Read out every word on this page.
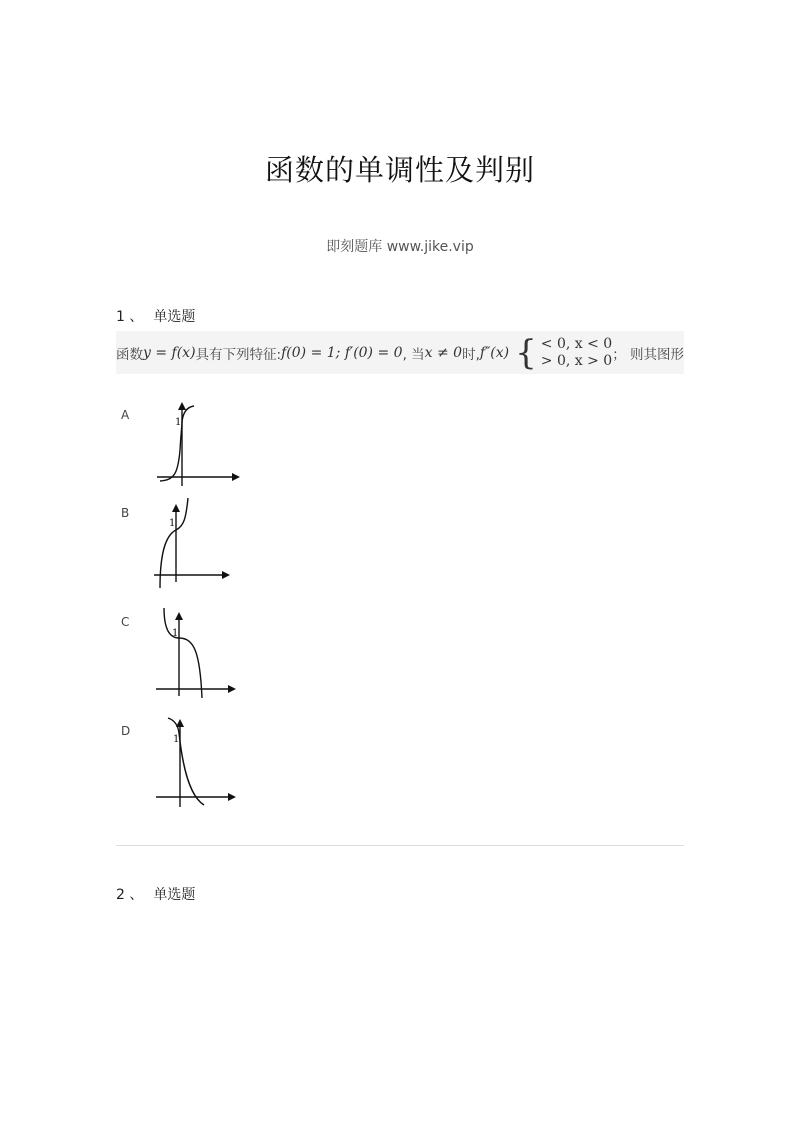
函数的单调性及判别
即刻题库 www.jike.vip
1 、 单选题
函数 y = f(x) 具有下列特征: f(0) = 1; f′(0) = 0 , 当 x ≠ 0 时, f″(x) { < 0, x < 0
> 0, x > 0 ； 则其图形
A
1
B
1
C
1
D
1
2 、 单选题
